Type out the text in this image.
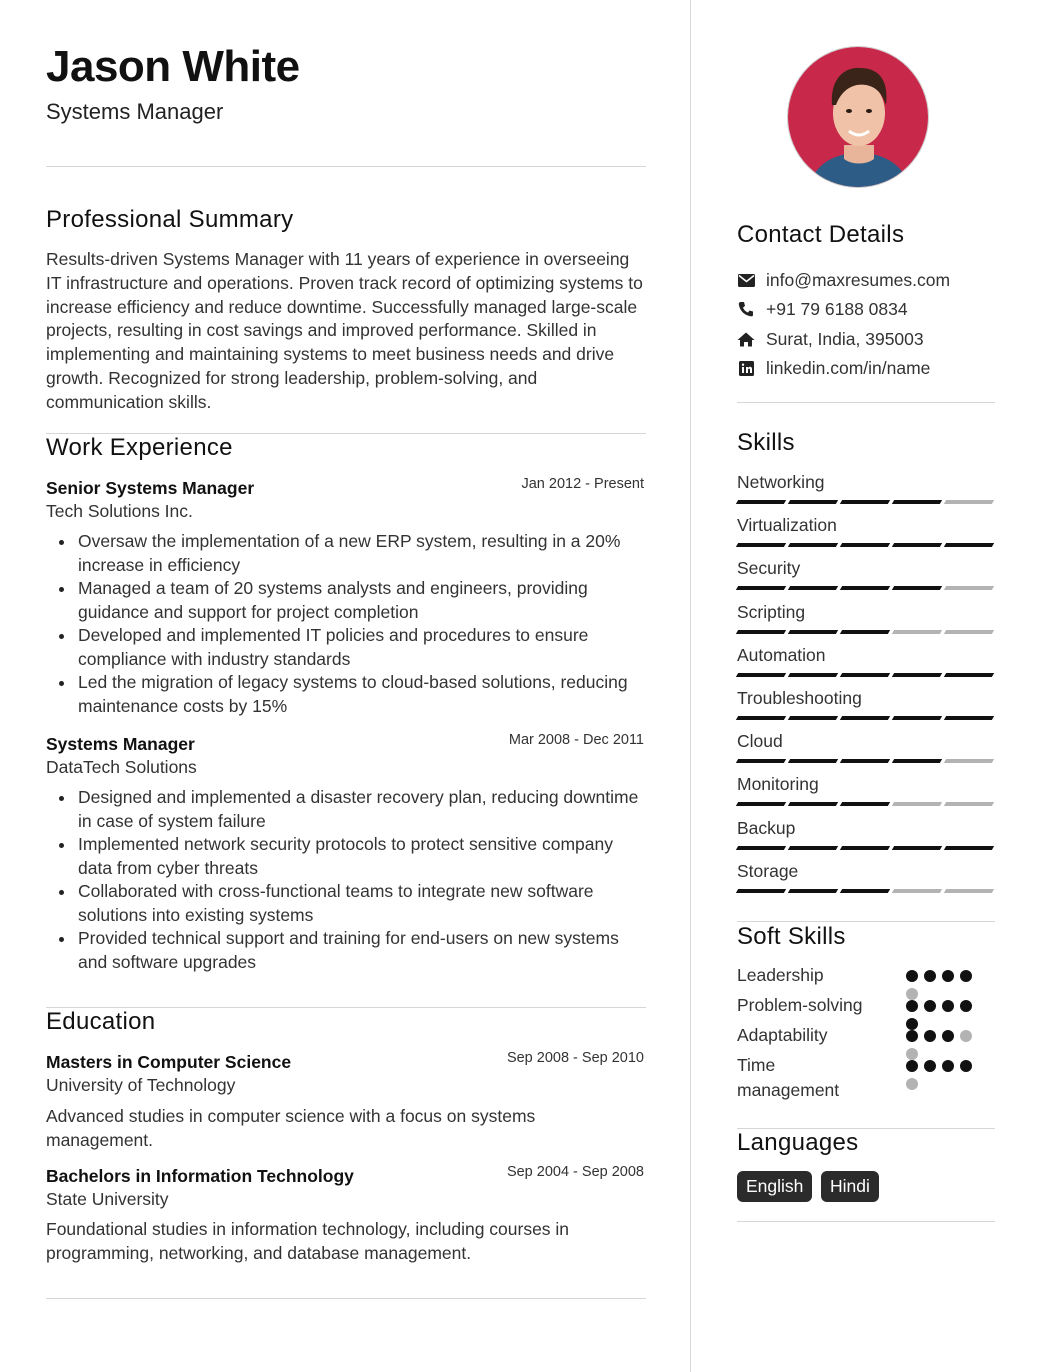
Jason White
Systems Manager
Professional Summary
Results-driven Systems Manager with 11 years of experience in overseeing IT infrastructure and operations. Proven track record of optimizing systems to increase efficiency and reduce downtime. Successfully managed large-scale projects, resulting in cost savings and improved performance. Skilled in implementing and maintaining systems to meet business needs and drive growth. Recognized for strong leadership, problem-solving, and communication skills.
Work Experience
Senior Systems Manager	Jan 2012 - Present
Tech Solutions Inc.
Oversaw the implementation of a new ERP system, resulting in a 20% increase in efficiency
Managed a team of 20 systems analysts and engineers, providing guidance and support for project completion
Developed and implemented IT policies and procedures to ensure compliance with industry standards
Led the migration of legacy systems to cloud-based solutions, reducing maintenance costs by 15%
Systems Manager	Mar 2008 - Dec 2011
DataTech Solutions
Designed and implemented a disaster recovery plan, reducing downtime in case of system failure
Implemented network security protocols to protect sensitive company data from cyber threats
Collaborated with cross-functional teams to integrate new software solutions into existing systems
Provided technical support and training for end-users on new systems and software upgrades
Education
Masters in Computer Science	Sep 2008 - Sep 2010
University of Technology
Advanced studies in computer science with a focus on systems management.
Bachelors in Information Technology	Sep 2004 - Sep 2008
State University
Foundational studies in information technology, including courses in programming, networking, and database management.
Contact Details
info@maxresumes.com
+91 79 6188 0834
Surat, India, 395003
linkedin.com/in/name
Skills
Networking
Virtualization
Security
Scripting
Automation
Troubleshooting
Cloud
Monitoring
Backup
Storage
Soft Skills
Leadership
Problem-solving
Adaptability
Time management
Languages
English	Hindi
